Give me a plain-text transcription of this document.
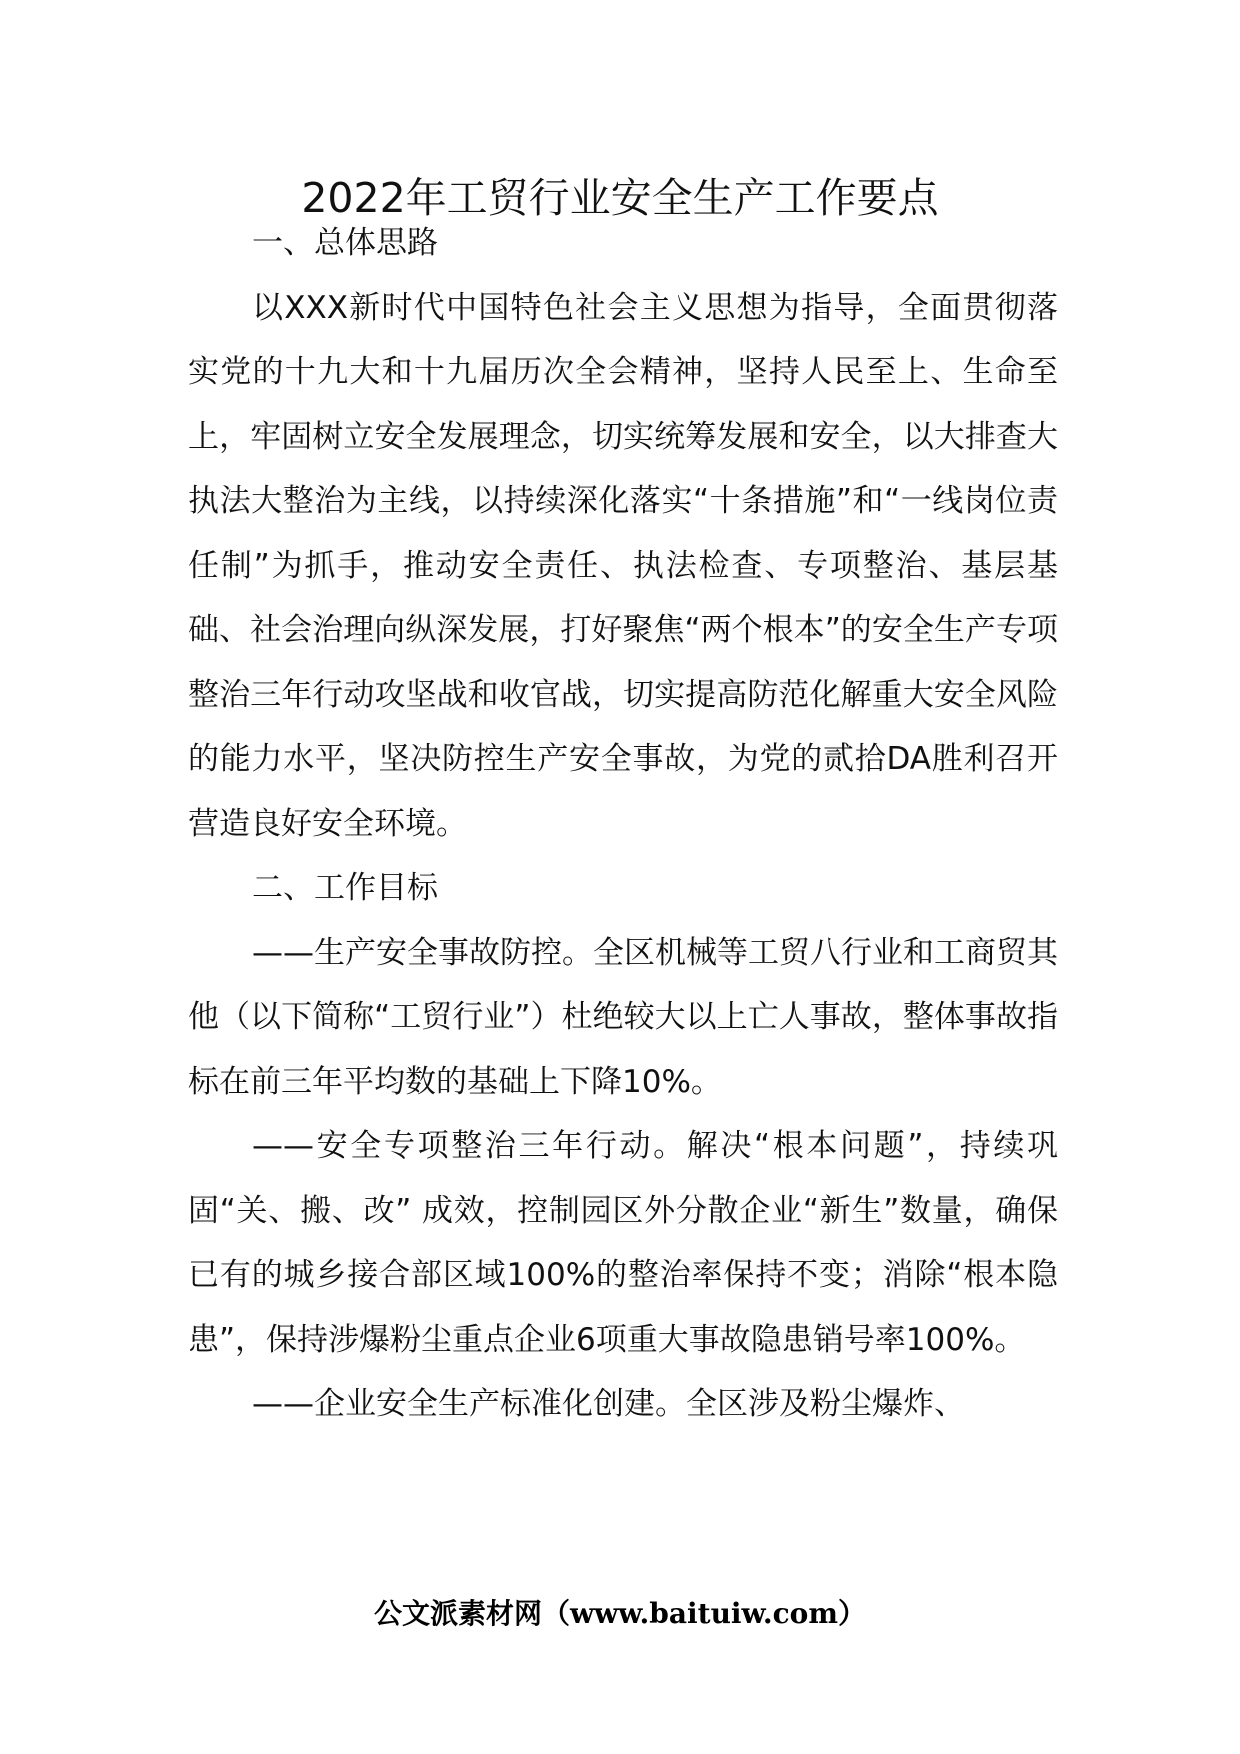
2022年工贸行业安全生产工作要点

一、总体思路

以XXX新时代中国特色社会主义思想为指导，全面贯彻落实党的十九大和十九届历次全会精神，坚持人民至上、生命至上，牢固树立安全发展理念，切实统筹发展和安全，以大排查大执法大整治为主线，以持续深化落实“十条措施”和“一线岗位责任制”为抓手，推动安全责任、执法检查、专项整治、基层基础、社会治理向纵深发展，打好聚焦“两个根本”的安全生产专项整治三年行动攻坚战和收官战，切实提高防范化解重大安全风险的能力水平，坚决防控生产安全事故，为党的贰拾DA胜利召开营造良好安全环境。

二、工作目标

——生产安全事故防控。全区机械等工贸八行业和工商贸其他（以下简称“工贸行业”）杜绝较大以上亡人事故，整体事故指标在前三年平均数的基础上下降10%。

——安全专项整治三年行动。解决“根本问题”，持续巩固“关、搬、改” 成效，控制园区外分散企业“新生”数量，确保已有的城乡接合部区域100%的整治率保持不变；消除“根本隐患”，保持涉爆粉尘重点企业6项重大事故隐患销号率100%。

——企业安全生产标准化创建。全区涉及粉尘爆炸、

公文派素材网（www.baituiw.com）
